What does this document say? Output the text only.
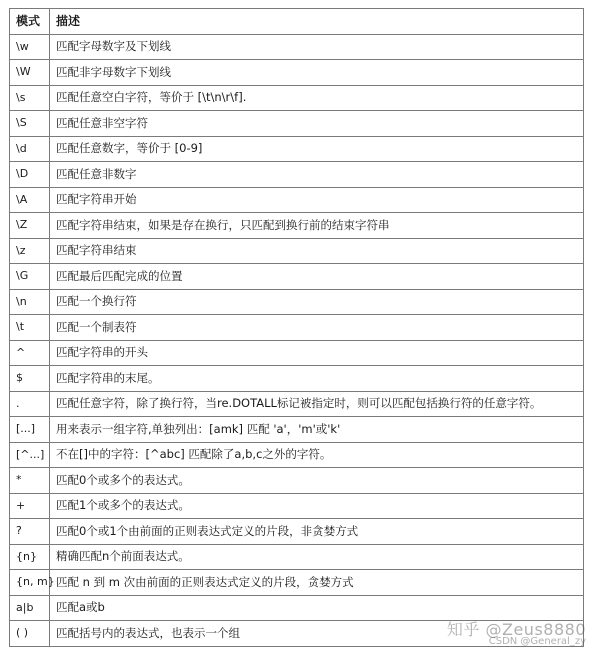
模式	描述
\w	匹配字母数字及下划线
\W	匹配非字母数字下划线
\s	匹配任意空白字符，等价于 [\t\n\r\f].
\S	匹配任意非空字符
\d	匹配任意数字，等价于 [0-9]
\D	匹配任意非数字
\A	匹配字符串开始
\Z	匹配字符串结束，如果是存在换行，只匹配到换行前的结束字符串
\z	匹配字符串结束
\G	匹配最后匹配完成的位置
\n	匹配一个换行符
\t	匹配一个制表符
^	匹配字符串的开头
$	匹配字符串的末尾。
.	匹配任意字符，除了换行符，当re.DOTALL标记被指定时，则可以匹配包括换行符的任意字符。
[...]	用来表示一组字符,单独列出：[amk] 匹配 'a'，'m'或'k'
[^...]	不在[]中的字符：[^abc] 匹配除了a,b,c之外的字符。
*	匹配0个或多个的表达式。
+	匹配1个或多个的表达式。
?	匹配0个或1个由前面的正则表达式定义的片段，非贪婪方式
{n}	精确匹配n个前面表达式。
{n, m}	匹配 n 到 m 次由前面的正则表达式定义的片段，贪婪方式
a|b	匹配a或b
( )	匹配括号内的表达式，也表示一个组	知乎 @Zeus8880
CSDN @General_zy
